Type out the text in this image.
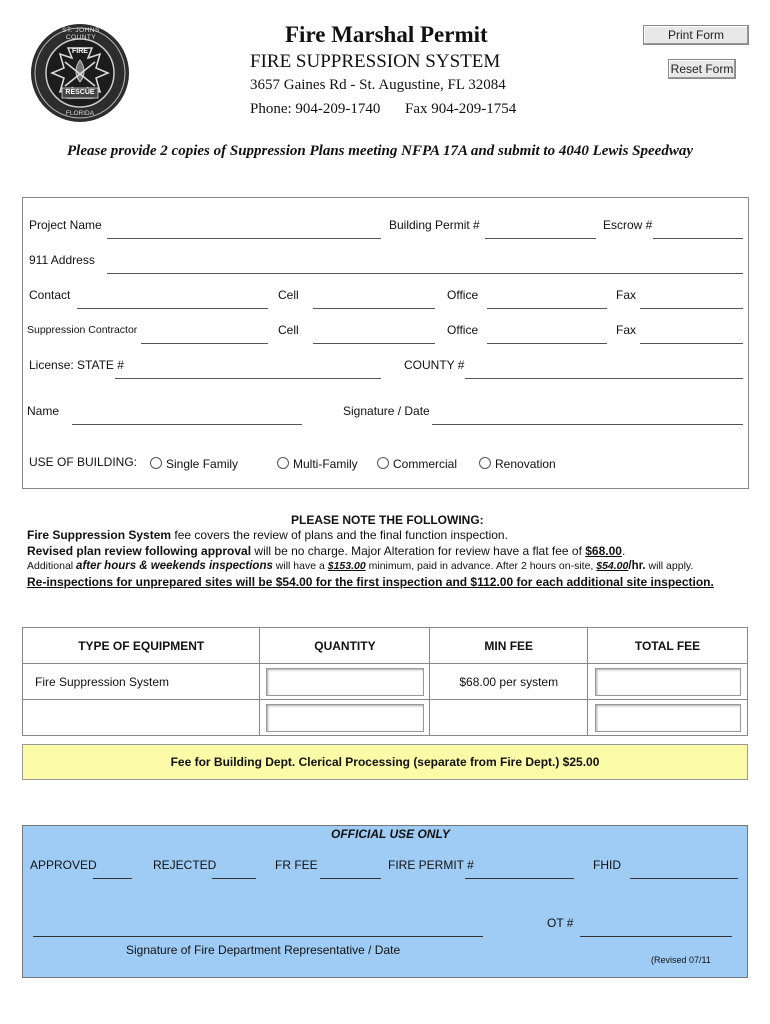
ST. JOHNS COUNTY
FIRE
RESCUE
FLORIDA
Fire Marshal Permit
FIRE SUPPRESSION SYSTEM
3657 Gaines Rd - St. Augustine, FL 32084
Phone: 904-209-1740 Fax 904-209-1754
Print Form
Reset Form
Please provide 2 copies of Suppression Plans meeting NFPA 17A and submit to 4040 Lewis Speedway
Project Name	Building Permit #	Escrow #
911 Address
Contact	Cell	Office	Fax
Suppression Contractor	Cell	Office	Fax
License: STATE #	COUNTY #
Name	Signature / Date
USE OF BUILDING:	Single Family	Multi-Family	Commercial	Renovation
PLEASE NOTE THE FOLLOWING:
Fire Suppression System fee covers the review of plans and the final function inspection.
Revised plan review following approval will be no charge. Major Alteration for review have a flat fee of $68.00.
Additional after hours & weekends inspections will have a $153.00 minimum, paid in advance. After 2 hours on-site, $54.00/hr. will apply.
Re-inspections for unprepared sites will be $54.00 for the first inspection and $112.00 for each additional site inspection.
TYPE OF EQUIPMENT	QUANTITY	MIN FEE	TOTAL FEE
Fire Suppression System		$68.00 per system	

Fee for Building Dept. Clerical Processing (separate from Fire Dept.) $25.00
OFFICIAL USE ONLY
APPROVED	REJECTED	FR FEE	FIRE PERMIT #	FHID
OT #
Signature of Fire Department Representative / Date
(Revised 07/11
